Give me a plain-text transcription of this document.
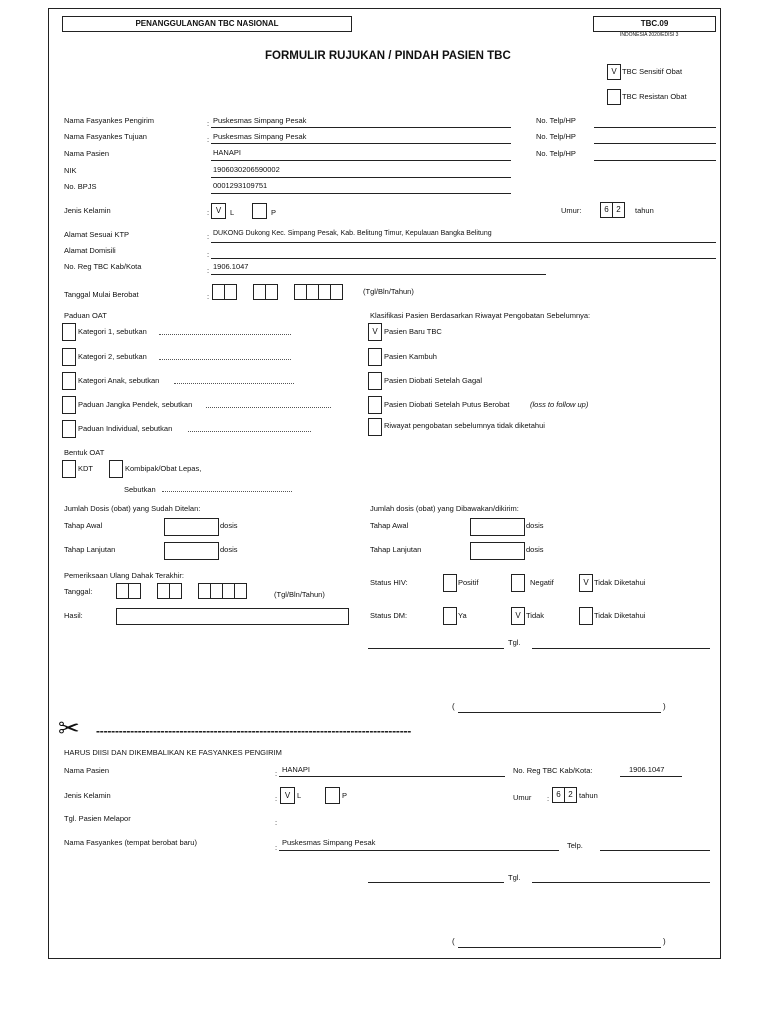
PENANGGULANGAN TBC NASIONAL	TBC.09
INDONESIA 2020/EDISI 3
FORMULIR RUJUKAN / PINDAH PASIEN TBC
V TBC Sensitif Obat
TBC Resistan Obat
Nama Fasyankes Pengirim	: Puskesmas Simpang Pesak	No. Telp/HP
Nama Fasyankes Tujuan	: Puskesmas Simpang Pesak	No. Telp/HP
Nama Pasien	HANAPI	No. Telp/HP
NIK	1906030206590002
No. BPJS	0001293109751
Jenis Kelamin	: V	L	P	Umur:	6 2	tahun
Alamat Sesuai KTP	: DUKONG Dukong Kec. Simpang Pesak, Kab. Belitung Timur, Kepulauan Bangka Belitung
Alamat Domisili	:
No. Reg TBC Kab/Kota	: 1906.1047
Tanggal Mulai Berobat	:
(Tgl/Bln/Tahun)
Paduan OAT
Kategori 1, sebutkan
Kategori 2, sebutkan
Kategori Anak, sebutkan
Paduan Jangka Pendek, sebutkan
Paduan Individual, sebutkan
Klasifikasi Pasien Berdasarkan Riwayat Pengobatan Sebelumnya:
V Pasien Baru TBC
Pasien Kambuh
Pasien Diobati Setelah Gagal
Pasien Diobati Setelah Putus Berobat	(loss to follow up)
Riwayat pengobatan sebelumnya tidak diketahui
Bentuk OAT
KDT	Kombipak/Obat Lepas,
Sebutkan
Jumlah Dosis (obat) yang Sudah Ditelan:
Tahap Awal	dosis
Tahap Lanjutan	dosis
Jumlah dosis (obat) yang Dibawakan/dikirim:
Tahap Awal	dosis
Tahap Lanjutan	dosis
Pemeriksaan Ulang Dahak Terakhir:
Tanggal:	(Tgl/Bln/Tahun)
Hasil:
Status HIV:	Positif	Negatif	V Tidak Diketahui
Status DM:	Ya	V Tidak	Tidak Diketahui
Tgl.
(	)
✂ -----------------------------------------------------------------------------------
HARUS DIISI DAN DIKEMBALIKAN KE FASYANKES PENGIRIM
Nama Pasien	: HANAPI	No. Reg TBC Kab/Kota:	1906.1047
Jenis Kelamin	: V L	P	Umur : 6 2 tahun
Tgl. Pasien Melapor	:
Nama Fasyankes (tempat berobat baru)
:
Puskesmas Simpang Pesak	Telp.
Tgl.
(	)
